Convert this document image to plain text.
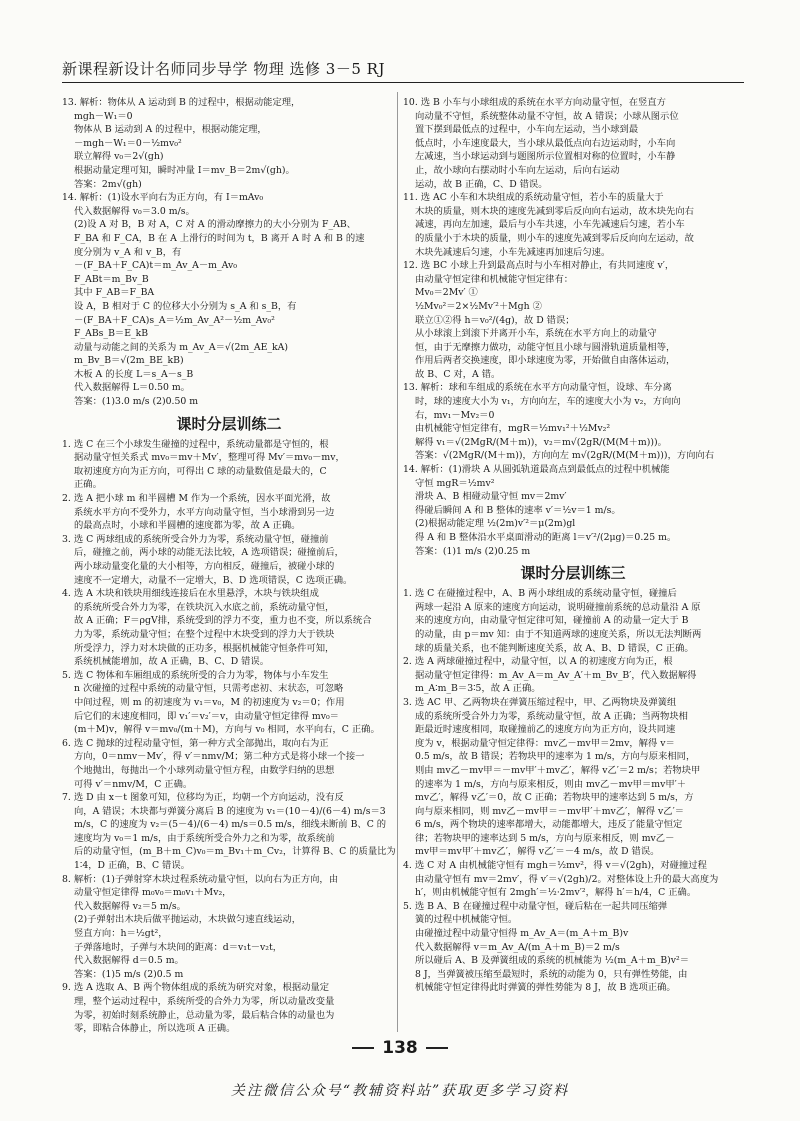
新课程新设计名师同步导学 物理 选修 3－5 RJ
13. 解析：物体从 A 运动到 B 的过程中，根据动能定理，
mgh－W₁＝0
物体从 B 运动到 A 的过程中，根据动能定理，
－mgh－W₁＝0－½mv₀²
联立解得 v₀＝2√(gh)
根据动量定理可知，瞬时冲量 I＝mv_B＝2m√(gh)。
答案：2m√(gh)
14. 解析：(1)设水平向右为正方向，有 I＝mAv₀
代入数据解得 v₀＝3.0 m/s。
(2)设 A 对 B，B 对 A，C 对 A 的滑动摩擦力的大小分别为 F_AB、
F_BA 和 F_CA，B 在 A 上滑行的时间为 t，B 离开 A 时 A 和 B 的速
度分别为 v_A 和 v_B，有
－(F_BA＋F_CA)t＝m_Av_A－m_Av₀
F_ABt＝m_Bv_B
其中 F_AB＝F_BA
设 A，B 相对于 C 的位移大小分别为 s_A 和 s_B，有
－(F_BA＋F_CA)s_A＝½m_Av_A²－½m_Av₀²
F_ABs_B＝E_kB
动量与动能之间的关系为 m_Av_A＝√(2m_AE_kA)
m_Bv_B＝√(2m_BE_kB)
木板 A 的长度 L＝s_A－s_B
代入数据解得 L＝0.50 m。
答案：(1)3.0 m/s (2)0.50 m
课时分层训练二
1. 选 C 在三个小球发生碰撞的过程中，系统动量都是守恒的，根
据动量守恒关系式 mv₀＝mv＋Mv′，整理可得 Mv′＝mv₀－mv，
取初速度方向为正方向，可得出 C 球的动量数值是最大的，C
正确。
2. 选 A 把小球 m 和半圆槽 M 作为一个系统，因水平面光滑，故
系统水平方向不受外力，水平方向动量守恒，当小球滑到另一边
的最高点时，小球和半圆槽的速度都为零，故 A 正确。
3. 选 C 两球组成的系统所受合外力为零，系统动量守恒，碰撞前
后，碰撞之前，两小球的动能无法比较，A 选项错误；碰撞前后，
两小球动量变化量的大小相等，方向相反，碰撞后，被碰小球的
速度不一定增大，动量不一定增大，B、D 选项错误，C 选项正确。
4. 选 A 木块和铁块用细线连接后在水里悬浮，木块与铁块组成
的系统所受合外力为零，在铁块沉入水底之前，系统动量守恒，
故 A 正确；F＝ρgV排，系统受到的浮力不变，重力也不变，所以系统合
力为零，系统动量守恒；在整个过程中木块受到的浮力大于铁块
所受浮力，浮力对木块做的正功多，根据机械能守恒条件可知，
系统机械能增加，故 A 正确，B、C、D 错误。
5. 选 C 物体和车厢组成的系统所受的合力为零，物体与小车发生
n 次碰撞的过程中系统的动量守恒，只需考虑初、末状态，可忽略
中间过程，则 m 的初速度为 v₁＝v₀，M 的初速度为 v₂＝0；作用
后它们的末速度相同，即 v₁′＝v₂′＝v，由动量守恒定律得 mv₀＝
(m＋M)v，解得 v＝mv₀/(m＋M)，方向与 v₀ 相同，水平向右，C 正确。
6. 选 C 抛球的过程动量守恒，第一种方式全部抛出，取向右为正
方向，0＝nmv－Mv′，得 v′＝nmv/M；第二种方式是将小球一个接一
个地抛出，每抛出一个小球列动量守恒方程，由数学归纳的思想
可得 v′＝nmv/M，C 正确。
7. 选 D 由 x－t 图象可知，位移均为正，均朝一个方向运动，没有反
向，A 错误；木块都与弹簧分离后 B 的速度为 v₁＝(10－4)/(6－4) m/s＝3
m/s，C 的速度为 v₂＝(5－4)/(6－4) m/s＝0.5 m/s，细线未断前 B、C 的
速度均为 v₀＝1 m/s，由于系统所受合外力之和为零，故系统前
后的动量守恒，(m_B＋m_C)v₀＝m_Bv₁＋m_Cv₂，计算得 B、C 的质量比为
1∶4，D 正确，B、C 错误。
8. 解析：(1)子弹射穿木块过程系统动量守恒，以向右为正方向，由
动量守恒定律得 m₀v₀＝m₀v₁＋Mv₂，
代入数据解得 v₂＝5 m/s。
(2)子弹射出木块后做平抛运动，木块做匀速直线运动，
竖直方向：h＝½gt²，
子弹落地时，子弹与木块间的距离：d＝v₁t－v₂t，
代入数据解得 d＝0.5 m。
答案：(1)5 m/s (2)0.5 m
9. 选 A 选取 A、B 两个物体组成的系统为研究对象，根据动量定
理，整个运动过程中，系统所受的合外力为零，所以动量改变量
为零，初始时刻系统静止，总动量为零，最后粘合体的动量也为
零，即粘合体静止，所以选项 A 正确。
10. 选 B 小车与小球组成的系统在水平方向动量守恒，在竖直方
向动量不守恒，系统整体动量不守恒，故 A 错误；小球从图示位
置下摆到最低点的过程中，小车向左运动，当小球到最
低点时，小车速度最大，当小球从最低点向右边运动时，小车向
左减速，当小球运动到与题图所示位置相对称的位置时，小车静
止，故小球向右摆动时小车向左运动，后向右运动
运动，故 B 正确，C、D 错误。
11. 选 AC 小车和木块组成的系统动量守恒，若小车的质量大于
木块的质量，则木块的速度先减到零后反向向右运动，故木块先向右
减速，再向左加速，最后与小车共速，小车先减速后匀速，若小车
的质量小于木块的质量，则小车的速度先减到零后反向向左运动，故
木块先减速后匀速，小车先减速再加速后匀速。
12. 选 BC 小球上升到最高点时与小车相对静止，有共同速度 v′，
由动量守恒定律和机械能守恒定律有：
Mv₀＝2Mv′ ①
½Mv₀²＝2×½Mv′²＋Mgh ②
联立①②得 h＝v₀²/(4g)，故 D 错误；
从小球滚上到滚下并离开小车，系统在水平方向上的动量守
恒，由于无摩擦力做功，动能守恒且小球与圆滑轨道质量相等，
作用后两者交换速度，即小球速度为零，开始做自由落体运动，
故 B、C 对，A 错。
13. 解析：球和车组成的系统在水平方向动量守恒，设球、车分离
时，球的速度大小为 v₁，方向向左，车的速度大小为 v₂，方向向
右，mv₁－Mv₂＝0
由机械能守恒定律有，mgR＝½mv₁²＋½Mv₂²
解得 v₁＝√(2MgR/(M＋m))，v₂＝m√(2gR/(M(M＋m)))。
答案：√(2MgR/(M＋m))，方向向左 m√(2gR/(M(M＋m)))，方向向右
14. 解析：(1)滑块 A 从圆弧轨道最高点到最低点的过程中机械能
守恒 mgR＝½mv²
滑块 A、B 相碰动量守恒 mv＝2mv′
得碰后瞬间 A 和 B 整体的速率 v′＝½v＝1 m/s。
(2)根据动能定理 ½(2m)v′²＝μ(2m)gl
得 A 和 B 整体沿水平桌面滑动的距离 l＝v′²/(2μg)＝0.25 m。
答案：(1)1 m/s (2)0.25 m
课时分层训练三
1. 选 C 在碰撞过程中，A、B 两小球组成的系统动量守恒，碰撞后
两球一起沿 A 原来的速度方向运动，说明碰撞前系统的总动量沿 A 原
来的速度方向，由动量守恒定律可知，碰撞前 A 的动量一定大于 B
的动量，由 p＝mv 知：由于不知道两球的速度关系，所以无法判断两
球的质量关系，也不能判断速度关系，故 A、B、D 错误，C 正确。
2. 选 A 两球碰撞过程中，动量守恒，以 A 的初速度方向为正，根
据动量守恒定律得：m_Av_A＝m_Av_A′＋m_Bv_B′，代入数据解得
m_A∶m_B＝3∶5，故 A 正确。
3. 选 AC 甲、乙两物块在弹簧压缩过程中，甲、乙两物块及弹簧组
成的系统所受合外力为零，系统动量守恒，故 A 正确；当两物块相
距最近时速度相同，取碰撞前乙的速度方向为正方向，设共同速
度为 v，根据动量守恒定律得：mv乙－mv甲＝2mv，解得 v＝
0.5 m/s，故 B 错误；若物块甲的速率为 1 m/s，方向与原来相同，
则由 mv乙－mv甲＝－mv甲′＋mv乙′，解得 v乙′＝2 m/s；若物块甲
的速率为 1 m/s，方向与原来相反，则由 mv乙－mv甲＝mv甲′＋
mv乙′，解得 v乙′＝0，故 C 正确；若物块甲的速率达到 5 m/s，方
向与原来相同，则 mv乙－mv甲＝－mv甲′＋mv乙′，解得 v乙′＝
6 m/s，两个物块的速率都增大，动能都增大，违反了能量守恒定
律；若物块甲的速率达到 5 m/s，方向与原来相反，则 mv乙－
mv甲＝mv甲′＋mv乙′，解得 v乙′＝－4 m/s，故 D 错误。
4. 选 C 对 A 由机械能守恒有 mgh＝½mv²，得 v＝√(2gh)，对碰撞过程
由动量守恒有 mv＝2mv′，得 v′＝√(2gh)/2。对整体设上升的最大高度为
h′，则由机械能守恒有 2mgh′＝½·2mv′²，解得 h′＝h/4，C 正确。
5. 选 B A、B 在碰撞过程中动量守恒，碰后粘在一起共同压缩弹
簧的过程中机械能守恒。
由碰撞过程中动量守恒得 m_Av_A＝(m_A＋m_B)v
代入数据解得 v＝m_Av_A/(m_A＋m_B)＝2 m/s
所以碰后 A、B 及弹簧组成的系统的机械能为 ½(m_A＋m_B)v²＝
8 J，当弹簧被压缩至最短时，系统的动能为 0，只有弹性势能，由
机械能守恒定律得此时弹簧的弹性势能为 8 J，故 B 选项正确。
138
关注微信公众号“教辅资料站”获取更多学习资料
